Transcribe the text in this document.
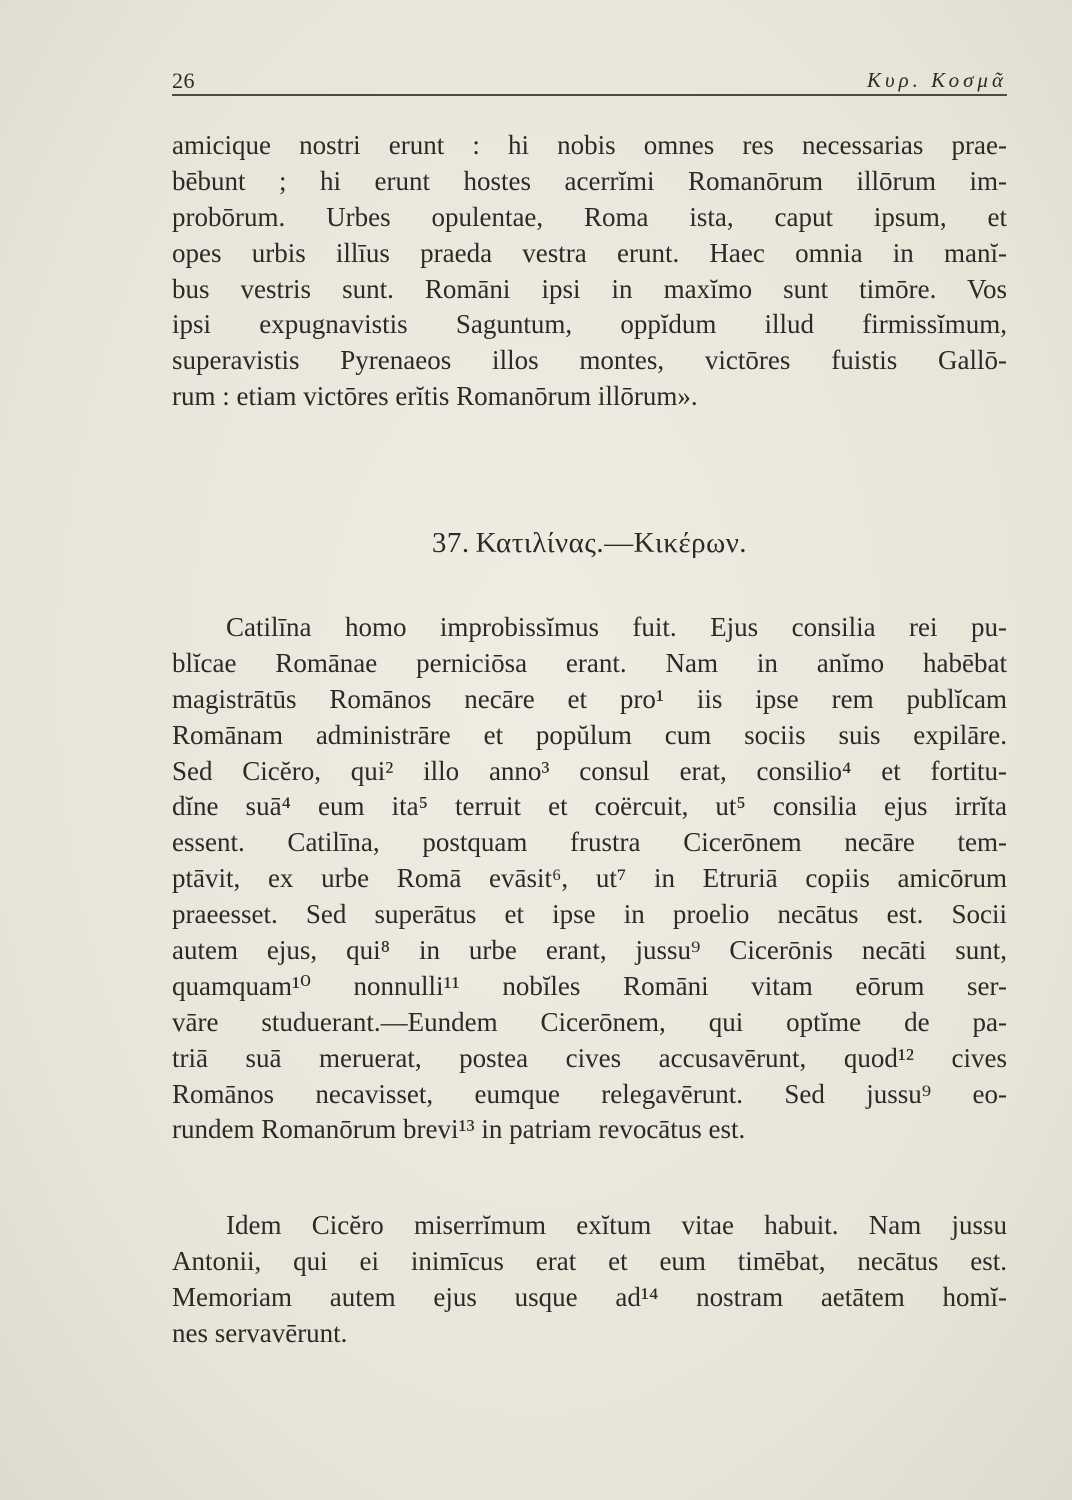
26	Κυρ. Κοσμᾶ
amicique nostri erunt : hi nobis omnes res necessarias prae-
bēbunt ; hi erunt hostes acerrĭmi Romanōrum illōrum im-
probōrum. Urbes opulentae, Roma ista, caput ipsum, et
opes urbis illīus praeda vestra erunt. Haec omnia in manĭ-
bus vestris sunt. Romāni ipsi in maxĭmo sunt timōre. Vos
ipsi expugnavistis Saguntum, oppĭdum illud firmissĭmum,
superavistis Pyrenaeos illos montes, victōres fuistis Gallō-
rum : etiam victōres erĭtis Romanōrum illōrum».
37. Κατιλίνας.—Κικέρων.
Catilīna homo improbissĭmus fuit. Ejus consilia rei pu-
blĭcae Romānae perniciōsa erant. Nam in anĭmo habēbat
magistrātūs Romānos necāre et pro¹ iis ipse rem publĭcam
Romānam administrāre et popŭlum cum sociis suis expilāre.
Sed Cicĕro, qui² illo anno³ consul erat, consilio⁴ et fortitu-
dĭne suā⁴ eum ita⁵ terruit et coërcuit, ut⁵ consilia ejus irrĭta
essent. Catilīna, postquam frustra Cicerōnem necāre tem-
ptāvit, ex urbe Romā evāsit⁶, ut⁷ in Etruriā copiis amicōrum
praeesset. Sed superātus et ipse in proelio necātus est. Socii
autem ejus, qui⁸ in urbe erant, jussu⁹ Cicerōnis necāti sunt,
quamquam¹⁰ nonnulli¹¹ nobĭles Romāni vitam eōrum ser-
vāre studuerant.—Eundem Cicerōnem, qui optĭme de pa-
triā suā meruerat, postea cives accusavērunt, quod¹² cives
Romānos necavisset, eumque relegavērunt. Sed jussu⁹ eo-
rundem Romanōrum brevi¹³ in patriam revocātus est.
Idem Cicĕro miserrĭmum exĭtum vitae habuit. Nam jussu
Antonii, qui ei inimīcus erat et eum timēbat, necātus est.
Memoriam autem ejus usque ad¹⁴ nostram aetātem homĭ-
nes servavērunt.
